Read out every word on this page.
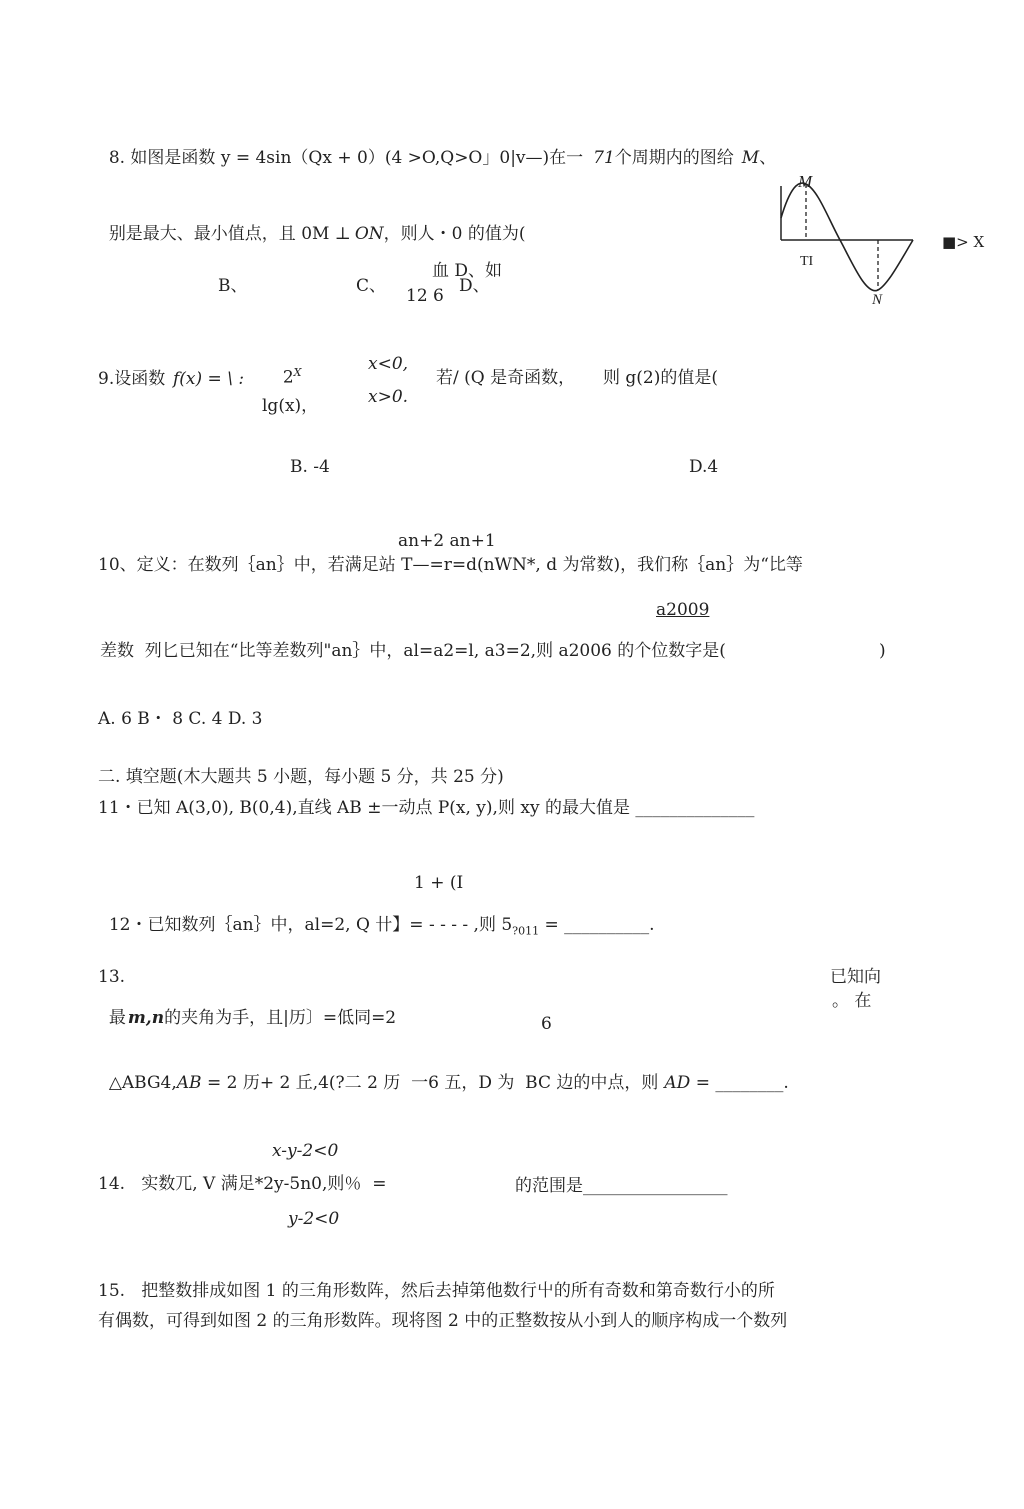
8. 如图是函数 y = 4sin（Qx + 0）(4 >O,Q>O」0|v—)在一 71个周期内的图给 M、

别是最大、最小值点，且 0M ⊥ ON，则人・0 的值为(

B、	C、
血 D、如
12 6 D、
M
TI
N
■> X
9.设函数 f(x) = \ :	$2^X$

lg(x)，
x<0,
x>0.
若/ (Q 是奇函数， 则 g(2)的值是(
B. -4	D.4
an+2 an+1
10、定义：在数列｛an｝中，若满足站 T—=r=d(nWN*, d 为常数)，我们称｛an｝为“比等
a2009
差数  列匕已知在“比等差数列"an｝中，al=a2=l, a3=2,则 a2006 的个位数字是(	)
A. 6 B・ 8 C. 4 D. 3
二. 填空题(木大题共 5 小题，每小题 5 分，共 25 分)
11・已知 A(3,0), B(0,4),直线 AB ±一动点 P(x, y),则 xy 的最大值是 ______________
1 + (I

12・已知数列｛an｝中，al=2, Q 卄】= - - - - ,则 $5_{?011}$ = __________.

13.	已知向

最 m,n的夹角为手，且|历〕=低同=2

。 在
6

△ABG4,AB = 2 历+ 2 丘,4(?二 2 历  一6 五，D 为  BC 边的中点，则 AD = ________.

x-y-2<0
14.   实数兀, V 满足*2y-5n0,则％  =	的范围是_________________
y-2<0
15.   把整数排成如图 1 的三角形数阵，然后去掉第他数行屮的所有奇数和第奇数行小的所
有偶数，可得到如图 2 的三角形数阵。现将图 2 中的正整数按从小到人的顺序构成一个数列
